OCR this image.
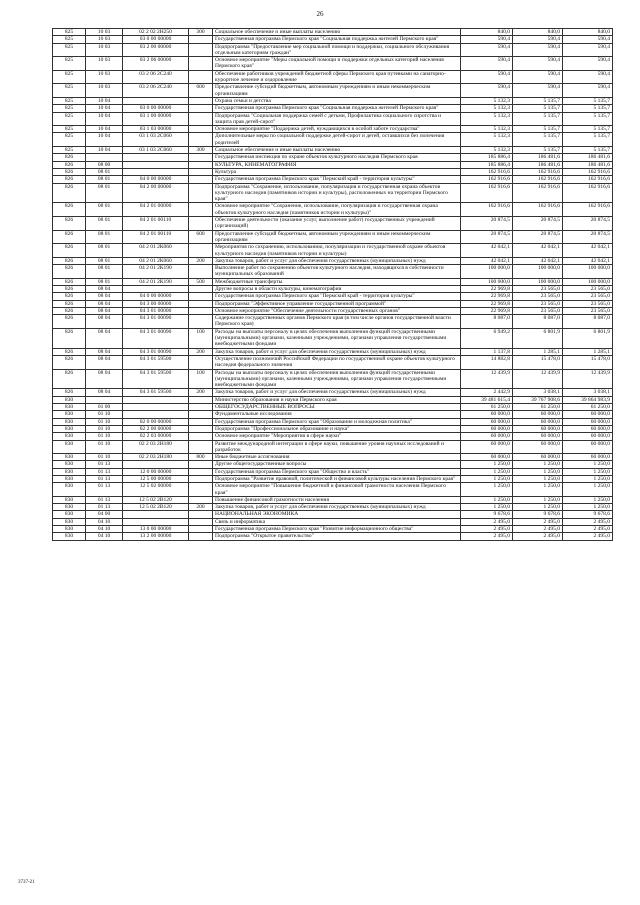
26
825	10 03	02 2 02 2Н250	300	Социальное обеспечение и иные выплаты населению	840,0	840,0	840,0
825	10 03	03 0 00 00000		Государственная программа Пермского края "Социальная поддержка жителей Пермского края"	590,4	590,4	590,4
825	10 03	03 2 00 00000		Подпрограмма "Предоставление мер социальной помощи и поддержки, социального обслуживания отдельным категориям граждан"	590,4	590,4	590,4
825	10 03	03 2 06 00000		Основное мероприятие "Меры социальной помощи и поддержки отдельных категорий населения Пермского края"	590,4	590,4	590,4
825	10 03	03 2 06 2С240		Обеспечение работников учреждений бюджетной сферы Пермского края путевками на санаторно-курортное лечение и оздоровление	590,4	590,4	590,4
825	10 03	03 2 06 2С240	600	Предоставление субсидий бюджетным, автономным учреждениям и иным некоммерческим организациям	590,4	590,4	590,4
825	10 04			Охрана семьи и детства	5 132,3	5 135,7	5 135,7
825	10 04	03 0 00 00000		Государственная программа Пермского края "Социальная поддержка жителей Пермского края"	5 132,3	5 135,7	5 135,7
825	10 04	03 1 00 00000		Подпрограмма "Социальная поддержка семей с детьми, Профилактика социального сиротства и защита прав детей-сирот"	5 132,3	5 135,7	5 135,7
825	10 04	03 1 03 00000		Основное мероприятие "Поддержка детей, нуждающихся в особой заботе государства"	5 132,3	5 135,7	5 135,7
825	10 04	03 1 03 2С060		Дополнительные меры по социальной поддержке детей-сирот и детей, оставшихся без попечения родителей	5 132,3	5 135,7	5 135,7
825	10 04	03 1 03 2С060	300	Социальное обеспечение и иные выплаты населению	5 132,3	5 135,7	5 135,7
826				Государственная инспекция по охране объектов культурного наследия Пермского края	185 886,4	186 481,6	186 481,6
826	08 00			КУЛЬТУРА, КИНЕМАТОГРАФИЯ	185 886,4	186 481,6	186 481,6
826	08 01			Культура	162 916,6	162 916,6	162 916,6
826	08 01	04 0 00 00000		Государственная программа Пермского края "Пермский край - территория культуры"	162 916,6	162 916,6	162 916,6
826	08 01	04 2 00 00000		Подпрограмма "Сохранение, использование, популяризация и государственная охрана объектов культурного наследия (памятников истории и культуры), расположенных на территории Пермского края"	162 916,6	162 916,6	162 916,6
826	08 01	04 2 01 00000		Основное мероприятие "Сохранение, использование, популяризация и государственная охрана объектов культурного наследия (памятников истории и культуры)"	162 916,6	162 916,6	162 916,6
826	08 01	04 2 01 00110		Обеспечение деятельности (оказание услуг, выполнение работ) государственных учреждений (организаций)	20 874,5	20 874,5	20 874,5
826	08 01	04 2 01 00110	600	Предоставление субсидий бюджетным, автономным учреждениям и иным некоммерческим организациям	20 874,5	20 874,5	20 874,5
826	08 01	04 2 01 2К060		Мероприятия по сохранению, использованию, популяризации и государственной охране объектов культурного наследия (памятников истории и культуры)	42 042,1	42 042,1	42 042,1
826	08 01	04 2 01 2К060	200	Закупка товаров, работ и услуг для обеспечения государственных (муниципальных) нужд	42 042,1	42 042,1	42 042,1
826	08 01	04 2 01 2К190		Выполнение работ по сохранению объектов культурного наследия, находящихся в собственности муниципальных образований	100 000,0	100 000,0	100 000,0
826	08 01	04 2 01 2К190	500	Межбюджетные трансферты	100 000,0	100 000,0	100 000,0
826	08 04			Другие вопросы в области культуры, кинематографии	22 969,8	23 565,0	23 565,0
826	08 04	04 0 00 00000		Государственная программа Пермского края "Пермский край - территория культуры"	22 969,8	23 565,0	23 565,0
826	08 04	04 3 00 00000		Подпрограмма "Эффективное управление государственной программой"	22 969,8	23 565,0	23 565,0
826	08 04	04 3 01 00000		Основное мероприятие "Обеспечение деятельности государственных органов"	22 969,8	23 565,0	23 565,0
826	08 04	04 3 01 00090		Содержание государственных органов Пермского края (в том числе органов государственной власти Пермского края)	8 087,0	8 087,0	8 087,0
826	08 04	04 3 01 00090	100	Расходы на выплаты персоналу в целях обеспечения выполнения функций государственными (муниципальными) органами, казенными учреждениями, органами управления государственными внебюджетными фондами	6 949,2	6 801,9	6 801,9
826	08 04	04 3 01 00090	200	Закупка товаров, работ и услуг для обеспечения государственных (муниципальных) нужд	1 137,8	1 285,1	1 285,1
826	08 04	04 3 01 59500		Осуществление полномочий Российской Федерации по государственной охране объектов культурного наследия федерального значения	14 882,8	15 478,0	15 478,0
826	08 04	04 3 01 59500	100	Расходы на выплаты персоналу в целях обеспечения выполнения функций государственными (муниципальными) органами, казенными учреждениями, органами управления государственными внебюджетными фондами	12 439,9	12 439,9	12 439,9
826	08 04	04 3 01 59500	200	Закупка товаров, работ и услуг для обеспечения государственных (муниципальных) нужд	2 442,9	3 038,1	3 038,1
830				Министерство образования и науки Пермского края	39 481 615,4	39 767 908,6	39 864 983,9
830	01 00			ОБЩЕГОСУДАРСТВЕННЫЕ ВОПРОСЫ	61 250,0	61 250,0	61 250,0
830	01 10			Фундаментальные исследования	60 000,0	60 000,0	60 000,0
830	01 10	02 0 00 00000		Государственная программа Пермского края "Образование и молодежная политика"	60 000,0	60 000,0	60 000,0
830	01 10	02 2 00 00000		Подпрограмма "Профессиональное образование и наука"	60 000,0	60 000,0	60 000,0
830	01 10	02 2 03 00000		Основное мероприятие "Мероприятия в сфере науки"	60 000,0	60 000,0	60 000,0
830	01 10	02 2 03 2Н180		Развитие международной интеграции в сфере науки, повышение уровня научных исследований и разработок	60 000,0	60 000,0	60 000,0
830	01 10	02 2 03 2Н180	800	Иные бюджетные ассигнования	60 000,0	60 000,0	60 000,0
830	01 13			Другие общегосударственные вопросы	1 250,0	1 250,0	1 250,0
830	01 13	12 0 00 00000		Государственная программа Пермского края "Общество и власть"	1 250,0	1 250,0	1 250,0
830	01 13	12 5 00 00000		Подпрограмма "Развитие правовой, политической и финансовой культуры населения Пермского края"	1 250,0	1 250,0	1 250,0
830	01 13	12 5 02 00000		Основное мероприятие "Повышение бюджетной и финансовой грамотности населения Пермского края"	1 250,0	1 250,0	1 250,0
830	01 13	12 5 02 2В120		Повышение финансовой грамотности населения	1 250,0	1 250,0	1 250,0
830	01 13	12 5 02 2В120	200	Закупка товаров, работ и услуг для обеспечения государственных (муниципальных) нужд	1 250,0	1 250,0	1 250,0
830	04 00			НАЦИОНАЛЬНАЯ ЭКОНОМИКА	9 678,6	9 678,6	9 678,6
830	04 10			Связь и информатика	2 495,0	2 495,0	2 495,0
830	04 10	13 0 00 00000		Государственная программа Пермского края "Развитие информационного общества"	2 495,0	2 495,0	2 495,0
830	04 10	13 2 00 00000		Подпрограмма "Открытое правительство"	2 495,0	2 495,0	2 495,0
3737-21
